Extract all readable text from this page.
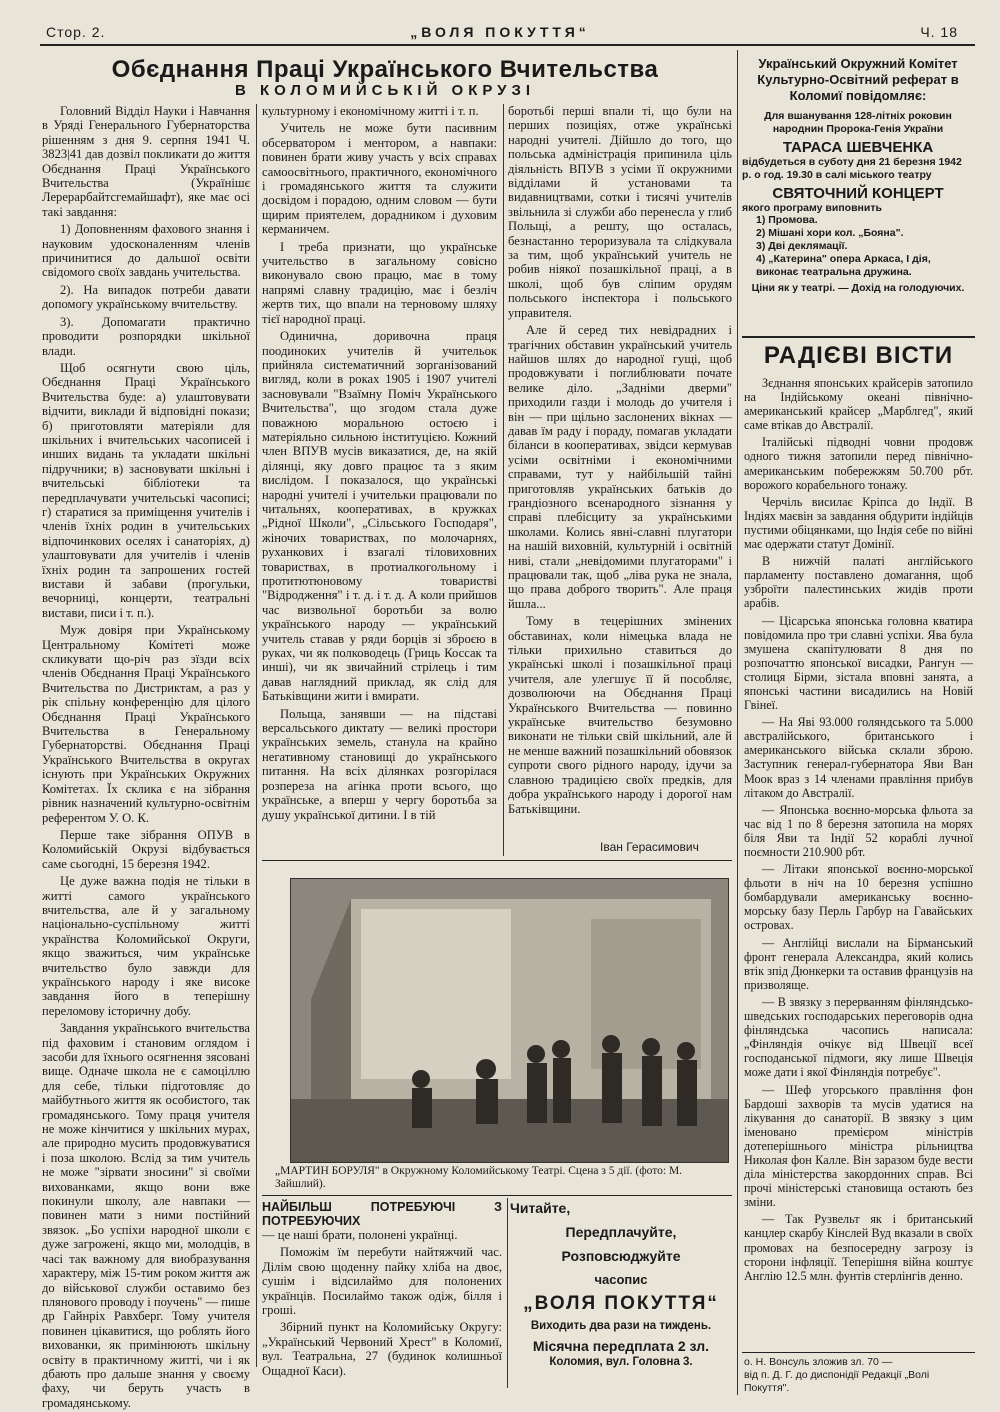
Стор. 2.	„ВОЛЯ ПОКУТТЯ“	Ч. 18
Обєднання Праці Українського Вчительства
В КОЛОМИЙСЬКІЙ ОКРУЗІ

Головний Відділ Науки і Навчання в Уряді Генерального Губернаторства рішенням з дня 9. серпня 1941 Ч. 3823|41 дав дозвіл покликати до життя Обєднання Праці Українського Вчительства (Українішє Лерерарбайтсгемайшафт), яке має осі такі завдання:

1) Доповненням фахового знання і науковим удосконаленням членів причинитися до дальшої освіти свідомого своїх завдань учительства.

2). На випадок потреби давати допомогу українському вчительству.

3). Допомагати практично проводити розпорядки шкільної влади.

Щоб осягнути свою ціль, Обєднання Праці Українського Вчительства буде: а) улаштовувати відчити, виклади й відповідні покази; б) приготовляти матеріяли для шкільних і вчительських часописей і инших видань та укладати шкільні підручники; в) засновувати шкільні і вчительські бібліотеки та передплачувати учительські часописі; г) старатися за приміщення учителів і членів їхніх родин в учительських відпочинкових оселях і санаторіях, д) улаштовувати для учителів і членів їхніх родин та запрошених гостей вистави й забави (прогульки, вечорниці, концерти, театральні вистави, писи і т. п.).

Муж довіря при Українському Центральному Комітеті може скликувати що-річ раз зїзди всіх членів Обєднання Праці Українського Вчительства по Дистриктам, а раз у рік спільну конференцію для цілого Обєднання Праці Українського Вчительства в Генеральному Губернаторстві. Обєднання Праці Українського Вчительства в округах існують при Українських Окружних Комітетах. Їх склика є на зібрання рівник назначений культурно-освітнім референтом У. О. К.

Перше таке зібрання ОПУВ в Коломийській Окрузі відбувається саме сьогодні, 15 березня 1942.

Це дуже важна подія не тільки в житті самого українського вчительства, але й у загальному національно-суспільному житті українства Коломийської Округи, якщо зважиться, чим українське вчительство було завжди для українського народу і яке високе завдання його в теперішну переломову історичну добу.

Завдання українського вчительства під фаховим і становим оглядом і засоби для їхнього осягнення зясовані вище. Одначе школа не є самоціллю для себе, тільки підготовляє до майбутнього життя як особистого, так громадянського. Тому праця учителя не може кінчитися у шкільних мурах, але природно мусить продовжуватися і поза школою. Вслід за тим учитель не може "зірвати зносини" зі своїми вихованками, якщо вони вже покинули школу, але навпаки — повинен мати з ними постійний звязок. „Бо успіхи народної школи є дуже загрожені, якщо ми, молодців, в часі так важному для виобразування характеру, між 15-тим роком життя аж до військової служби оставимо без плянового проводу і поучень" — пише др Гайнріх Равхберг. Тому учителя повинен цікавитися, що роблять його вихованки, як примінюють шкільну освіту в практичному житті, чи і як дбають про дальше знання у своєму фаху, чи беруть участь в громадянському.

культурному і економічному житті і т. п.

Учитель не може бути пасивним обсерватором і ментором, а навпаки: повинен брати живу участь у всіх справах самоосвітнього, практичного, економічного і громадянського життя та служити досвідом і порадою, одним словом — бути щирим приятелем, дорадником і духовим керманичем.

І треба признати, що українське учительство в загальному совісно виконувало свою працю, має в тому напрямі славну традицію, має і безліч жертв тих, що впали на терновому шляху тієї народної праці.

Одинична, доривочна праця поодиноких учителів й учительок прийняла систематичний зорганізований вигляд, коли в роках 1905 і 1907 учителі засновували "Взаїмну Поміч Українського Вчительства", що згодом стала дуже поважною моральною остоєю і матеріяльно сильною інституцією. Кожний член ВПУВ мусів виказатися, де, на якій ділянці, яку довго працює та з яким вислідом. І показалося, що українські народні учителі і учительки працювали по читальнях, кооперативах, в кружках „Рідної Школи", „Сільського Господаря", жіночих товариствах, по молочарнях, руханкових і взагалі тіловиховних товариствах, в протиалкогольному і протитютюновому товаристві "Відродження" і т. д. і т. д. А коли прийшов час визвольної боротьби за волю українського народу — український учитель ставав у ряди борців зі зброєю в руках, чи як полководець (Гриць Коссак та инші), чи як звичайний стрілець і тим давав наглядний приклад, як слід для Батьківщини жити і вмирати.

Польща, занявши — на підставі версальського диктату — великі простори українських земель, станула на крайно негативному становищі до українського питання. На всіх ділянках розгорілася розпереза на агінка проти всього, що українське, а вперш у чергу боротьба за душу української дитини. І в тій

боротьбі перші впали ті, що були на перших позиціях, отже українські народні учителі. Дійшло до того, що польська адміністрація припинила ціль діяльність ВПУВ з усіми її окружними відділами й установами та видавництвами, сотки і тисячі учителів звільнила зі служби або перенесла у глиб Польщі, а решту, що осталась, безнастанно тероризувала та слідкувала за тим, щоб український учитель не робив ніякої позашкільної праці, а в школі, щоб був сліпим орудям польського інспектора і польського управителя.

Але й серед тих невідрадних і трагічних обставин український учитель найшов шлях до народної гущі, щоб продовжувати і поглиблювати почате велике діло. „Задніми дверми" приходили газди і молодь до учителя і він — при щільно заслонених вікнах — давав їм раду і пораду, помагав укладати біланси в кооперативах, звідси кермував усіми освітніми і економічними справами, тут у найбільшій тайні приготовляв українських батьків до грандіозного всенародного зізнання у справі плебісциту за українськими школами. Колись явні-славні плугатори на нашій виховній, культурній і освітній ниві, стали „невідомими плугаторами" і працювали так, щоб „ліва рука не знала, що права доброго творить". Але праця йшла...

Тому в тецерішних змінених обставинах, коли німецька влада не тільки прихильно ставиться до українські школі і позашкільної праці учителя, але улегшує її й пособляє, дозволюючи на Обєднання Праці Українського Вчительства — повинно українське вчительство безумовно виконати не тільки свій шкільний, але й не менше важний позашкільний обовязок супроти свого рідного народу, ідучи за славною традицією своїх предків, для добра українського народу і дорогої нам Батьківщини.

Іван Герасимович
„МАРТИН БОРУЛЯ" в Окружному Коломийському Театрі. Сцена з 5 дії. (фото: М. Зайшлий).
НАЙБІЛЬШ ПОТРЕБУЮЧІ З ПОТРЕБУЮЧИХ

— це наші брати, полонені українці.

Поможім їм перебути найтяжчий час. Ділім свою щоденну пайку хліба на двоє, сушім і відсилаймо для полонених українців. Посилаймо також одіж, білля і гроші.

Збірний пункт на Коломийську Округу: „Український Червоний Хрест" в Коломиї, вул. Театральна, 27 (будинок колишньої Ощадної Каси).

Читайте,
Передплачуйте,
Розповсюджуйте
часопис
„ВОЛЯ ПОКУТТЯ“
Виходить два рази на тиждень.
Місячна передплата 2 зл.
Коломия, вул. Головна 3.
Український Окружний Комітет Культурно-Освітний реферат в Коломиї повідомляє:
Для вшанування 128-літніх роковин народнин Пророка-Генія України
ТАРАСА ШЕВЧЕНКА
відбудеться в суботу дня 21 березня 1942 р. о год. 19.30 в салі міського театру
СВЯТОЧНИЙ КОНЦЕРТ
якого програму виповнить
1) Промова.
2) Мішані хори кол. „Бояна".
3) Дві деклямації.
4) „Катерина" опера Аркаса, І дія, виконає театральна дружина.
Ціни як у театрі. — Дохід на голодуючих.
РАДІЄВІ ВІСТИ

Зєднання японських крайсерів затопило на Індійському океані північно-американський крайсер „Марблгед", який саме втікав до Австралії.

Італійські підводні човни продовж одного тижня затопили перед північно-американським побережжям 50.700 рбт. ворожого корабельного тонажу.

Черчіль висилає Кріпса до Індії. В Індіях маєвін за завдання обдурити індійців пустими обіцянками, що Індія себе по війні має одержати статут Домінії.

В нижчій палаті англійського парламенту поставлено домагання, щоб узброїти палестинських жидів проти арабів.

— Цісарська японська головна кватира повідомила про три славні успіхи. Ява була змушена скапітулювати 8 дня по розпочаттю японської висадки, Рангун — столиця Бірми, зістала вповні занята, а японські частини висадились на Новій Гвінеї.

— На Яві 93.000 голяндського та 5.000 австралійського, британського і американського війська склали зброю. Заступник генерал-губернатора Яви Ван Моок враз з 14 членами правління прибув літаком до Австралії.

— Японська воєнно-морська фльота за час від 1 по 8 березня затопила на морях біля Яви та Індії 52 кораблі лучної поємности 210.900 рбт.

— Літаки японської воєнно-морської фльоти в ніч на 10 березня успішно бомбардували американську воєнно-морську базу Перль Гарбур на Гавайських островах.

— Англійці вислали на Бірманський фронт генерала Александра, який колись втік зпід Дюнкерки та оставив французів на призволяще.

— В звязку з перерванням фінляндсько-шведських господарських переговорів одна фінляндська часопись написала: „Фінляндія очікує від Швеції всеї господанської підмоги, яку лише Швеція може дати і якої Фінляндія потребує".

— Шеф угорського правління фон Бардоші захворів та мусів удатися на лікування до санаторії. В звязку з цим іменовано премієром міністрів дотеперішнього міністра рільництва Николая фон Калле. Він заразом буде вести діла міністерства закордонних справ. Всі прочі міністерські становища остають без зміни.

— Так Рузвельт як і британський канцлер скарбу Кінслей Вуд вказали в своїх промовах на безпосередну загрозу із сторони інфляції. Теперішня війна коштує Англію 12.5 млн. фунтів стерлінгів денно.

о. Н. Вонсуль зложив зл. 70 —
від п. Д. Г. до диспонідії Редакції „Волі Покуття".
